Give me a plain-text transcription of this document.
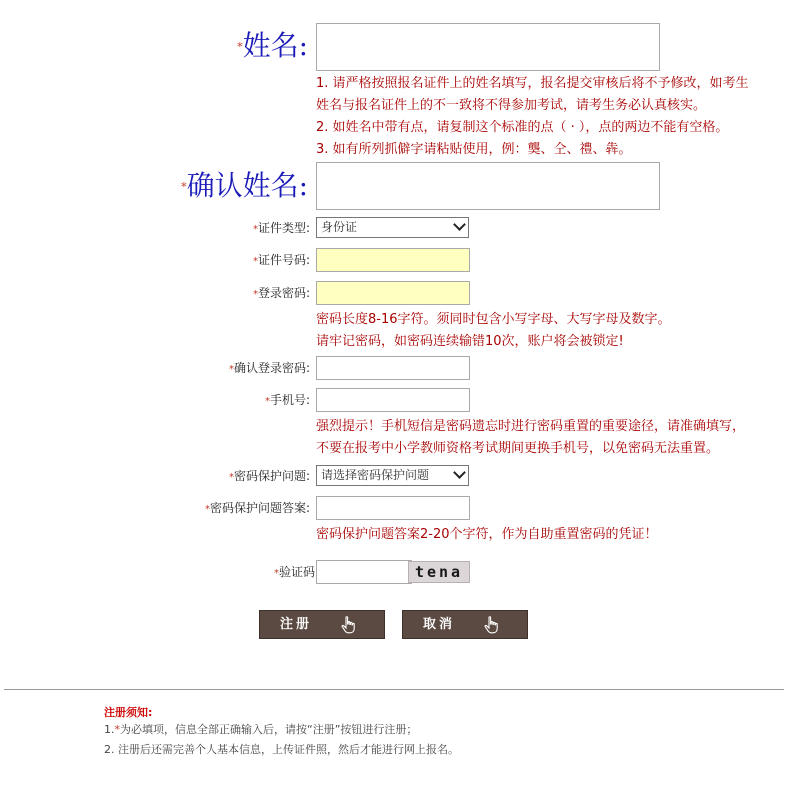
*姓名:
1. 请严格按照报名证件上的姓名填写，报名提交审核后将不予修改，如考生
姓名与报名证件上的不一致将不得参加考试，请考生务必认真核实。
2. 如姓名中带有点，请复制这个标准的点（ · ），点的两边不能有空格。
3. 如有所列抓僻字请粘贴使用，例：龑、仝、禮、犇。
*确认姓名:
*证件类型: 身份证
*证件号码:
*登录密码:
密码长度8-16字符。须同时包含小写字母、大写字母及数字。
请牢记密码，如密码连续输错10次，账户将会被锁定!
*确认登录密码:
*手机号:
强烈提示！手机短信是密码遗忘时进行密码重置的重要途径，请准确填写，
不要在报考中小学教师资格考试期间更换手机号，以免密码无法重置。
*密码保护问题: 请选择密码保护问题
*密码保护问题答案:
密码保护问题答案2-20个字符，作为自助重置密码的凭证！
*验证码	tena
注册	取消
注册须知:
1.*为必填项，信息全部正确输入后，请按“注册”按钮进行注册；
2. 注册后还需完善个人基本信息，上传证件照，然后才能进行网上报名。
